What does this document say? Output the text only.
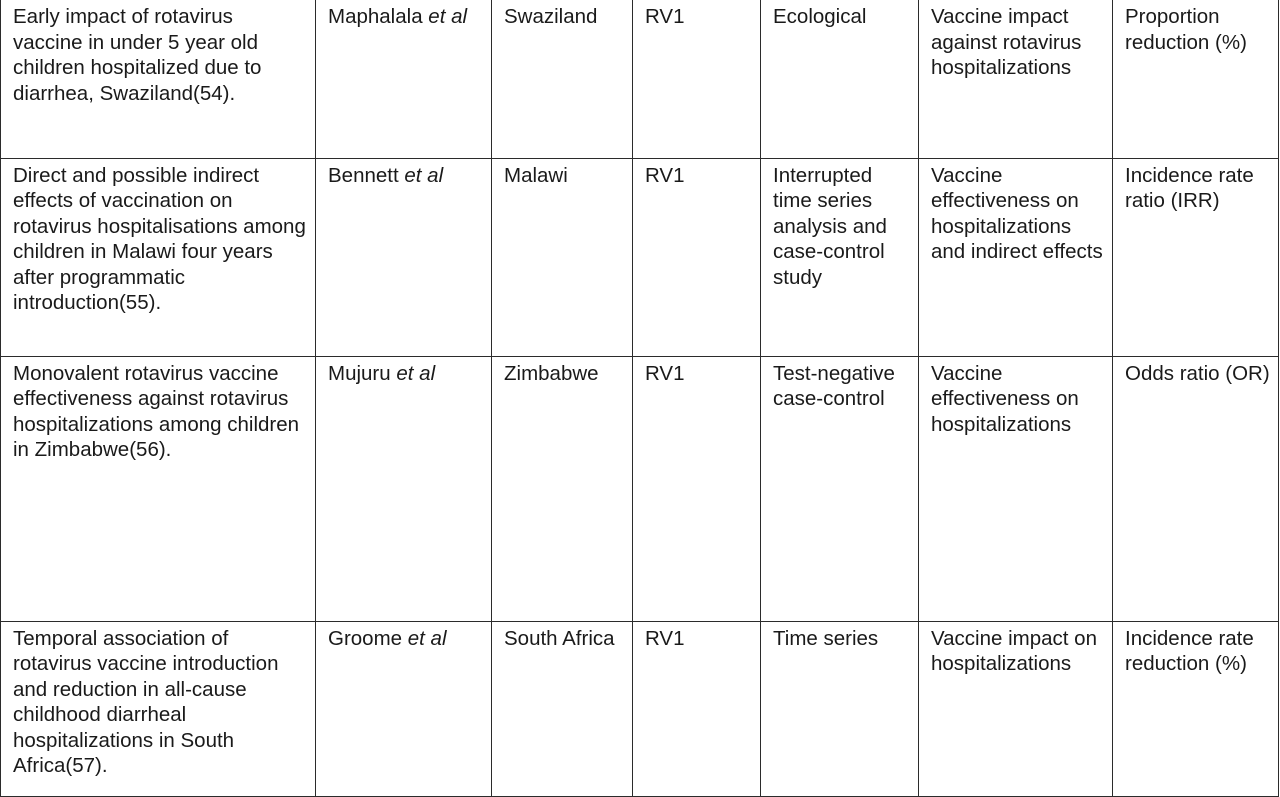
Early impact of rotavirus vaccine in under 5 year old children hospitalized due to diarrhea, Swaziland(54).	Maphalala et al	Swaziland	RV1	Ecological	Vaccine impact against rotavirus hospitalizations	Proportion reduction (%)
Direct and possible indirect effects of vaccination on rotavirus hospitalisations among children in Malawi four years after programmatic introduction(55).	Bennett et al	Malawi	RV1	Interrupted time series analysis and case-control study	Vaccine effectiveness on hospitalizations and indirect effects	Incidence rate ratio (IRR)
Monovalent rotavirus vaccine effectiveness against rotavirus hospitalizations among children in Zimbabwe(56).	Mujuru et al	Zimbabwe	RV1	Test-negative case-control	Vaccine effectiveness on hospitalizations	Odds ratio (OR)
Temporal association of rotavirus vaccine introduction and reduction in all-cause childhood diarrheal hospitalizations in South Africa(57).	Groome et al	South Africa	RV1	Time series	Vaccine impact on hospitalizations	Incidence rate reduction (%)
